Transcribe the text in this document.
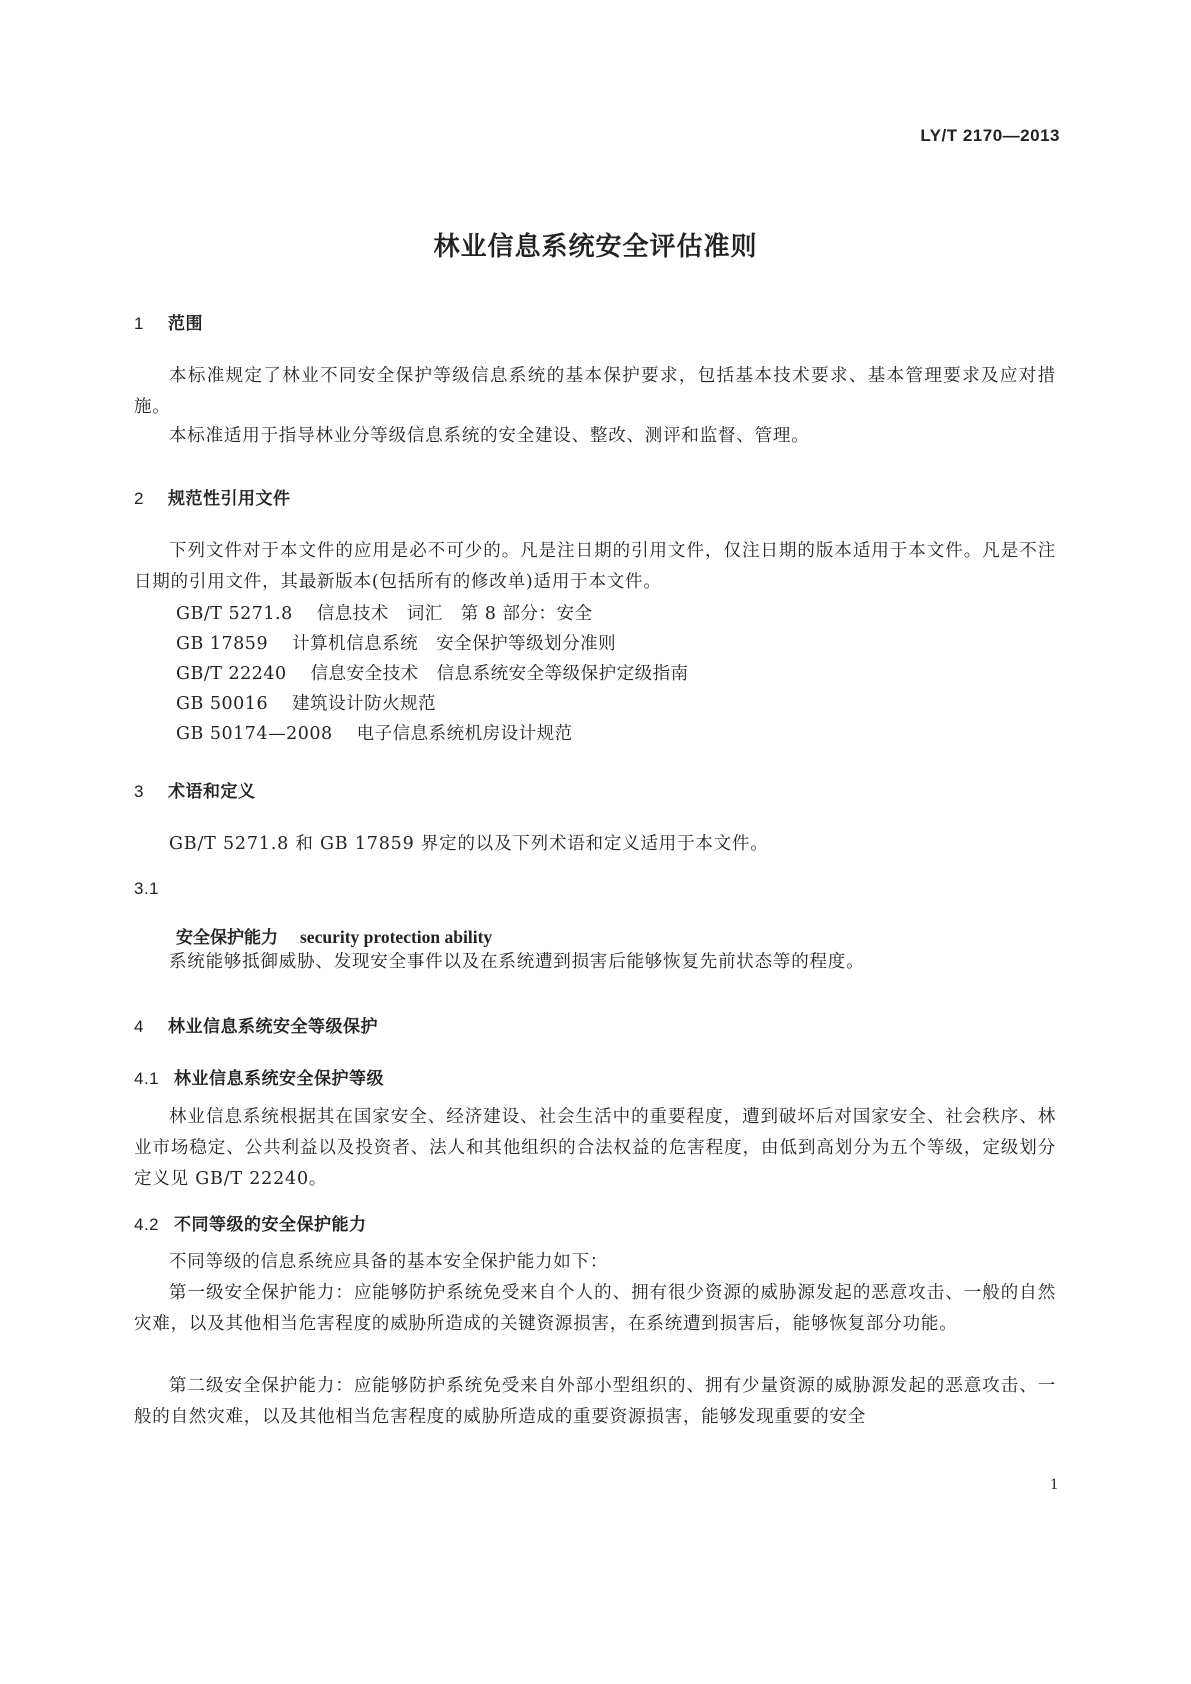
LY/T 2170—2013
林业信息系统安全评估准则
1 范围

本标准规定了林业不同安全保护等级信息系统的基本保护要求，包括基本技术要求、基本管理要求及应对措施。

本标准适用于指导林业分等级信息系统的安全建设、整改、测评和监督、管理。

2 规范性引用文件

下列文件对于本文件的应用是必不可少的。凡是注日期的引用文件，仅注日期的版本适用于本文件。凡是不注日期的引用文件，其最新版本(包括所有的修改单)适用于本文件。

GB/T 5271.8 信息技术　词汇　第 8 部分：安全
GB 17859 计算机信息系统　安全保护等级划分准则
GB/T 22240 信息安全技术　信息系统安全等级保护定级指南
GB 50016 建筑设计防火规范
GB 50174—2008 电子信息系统机房设计规范
3 术语和定义

GB/T 5271.8 和 GB 17859 界定的以及下列术语和定义适用于本文件。

3.1
安全保护能力 security protection ability

系统能够抵御威胁、发现安全事件以及在系统遭到损害后能够恢复先前状态等的程度。

4 林业信息系统安全等级保护
4.1 林业信息系统安全保护等级

林业信息系统根据其在国家安全、经济建设、社会生活中的重要程度，遭到破坏后对国家安全、社会秩序、林业市场稳定、公共利益以及投资者、法人和其他组织的合法权益的危害程度，由低到高划分为五个等级，定级划分定义见 GB/T 22240。

4.2 不同等级的安全保护能力

不同等级的信息系统应具备的基本安全保护能力如下：

第一级安全保护能力：应能够防护系统免受来自个人的、拥有很少资源的威胁源发起的恶意攻击、一般的自然灾难，以及其他相当危害程度的威胁所造成的关键资源损害，在系统遭到损害后，能够恢复部分功能。

第二级安全保护能力：应能够防护系统免受来自外部小型组织的、拥有少量资源的威胁源发起的恶意攻击、一般的自然灾难，以及其他相当危害程度的威胁所造成的重要资源损害，能够发现重要的安全

1
